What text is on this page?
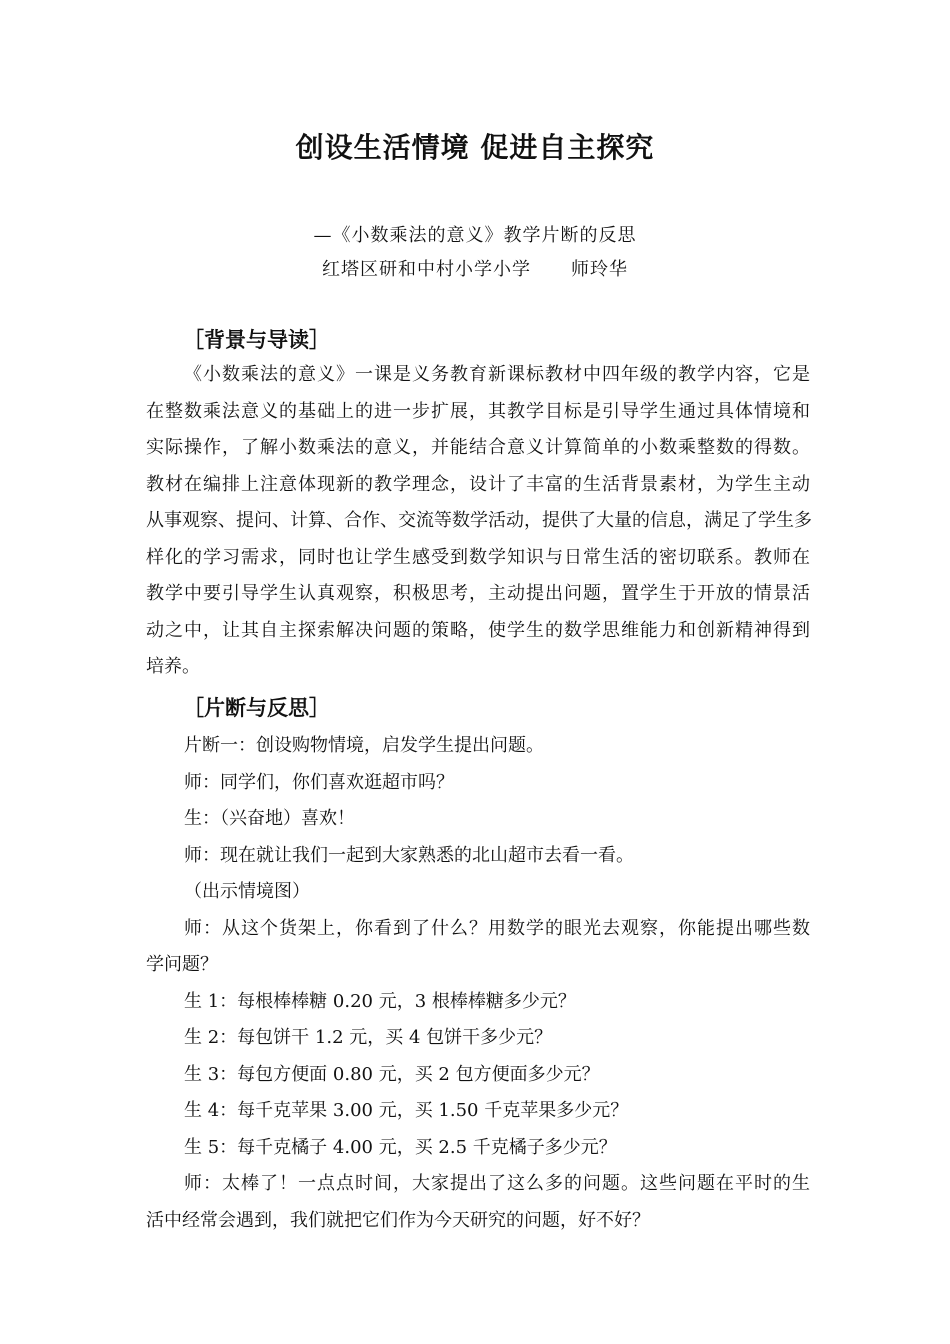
创设生活情境 促进自主探究
—《小数乘法的意义》教学片断的反思
红塔区研和中村小学小学 师玲华
［背景与导读］
《小数乘法的意义》一课是义务教育新课标教材中四年级的教学内容，它是
在整数乘法意义的基础上的进一步扩展，其教学目标是引导学生通过具体情境和
实际操作，了解小数乘法的意义，并能结合意义计算简单的小数乘整数的得数。
教材在编排上注意体现新的教学理念，设计了丰富的生活背景素材，为学生主动
从事观察、提问、计算、合作、交流等数学活动，提供了大量的信息，满足了学生多
样化的学习需求，同时也让学生感受到数学知识与日常生活的密切联系。教师在
教学中要引导学生认真观察，积极思考，主动提出问题，置学生于开放的情景活
动之中，让其自主探索解决问题的策略，使学生的数学思维能力和创新精神得到
培养。
［片断与反思］
片断一：创设购物情境，启发学生提出问题。
师：同学们，你们喜欢逛超市吗？
生：（兴奋地）喜欢！
师：现在就让我们一起到大家熟悉的北山超市去看一看。
（出示情境图）
师：从这个货架上，你看到了什么？用数学的眼光去观察，你能提出哪些数
学问题？
生 1：每根棒棒糖 0.20 元，3 根棒棒糖多少元？
生 2：每包饼干 1.2 元，买 4 包饼干多少元？
生 3：每包方便面 0.80 元，买 2 包方便面多少元？
生 4：每千克苹果 3.00 元，买 1.50 千克苹果多少元？
生 5：每千克橘子 4.00 元，买 2.5 千克橘子多少元？
师：太棒了！一点点时间，大家提出了这么多的问题。这些问题在平时的生
活中经常会遇到，我们就把它们作为今天研究的问题，好不好？
